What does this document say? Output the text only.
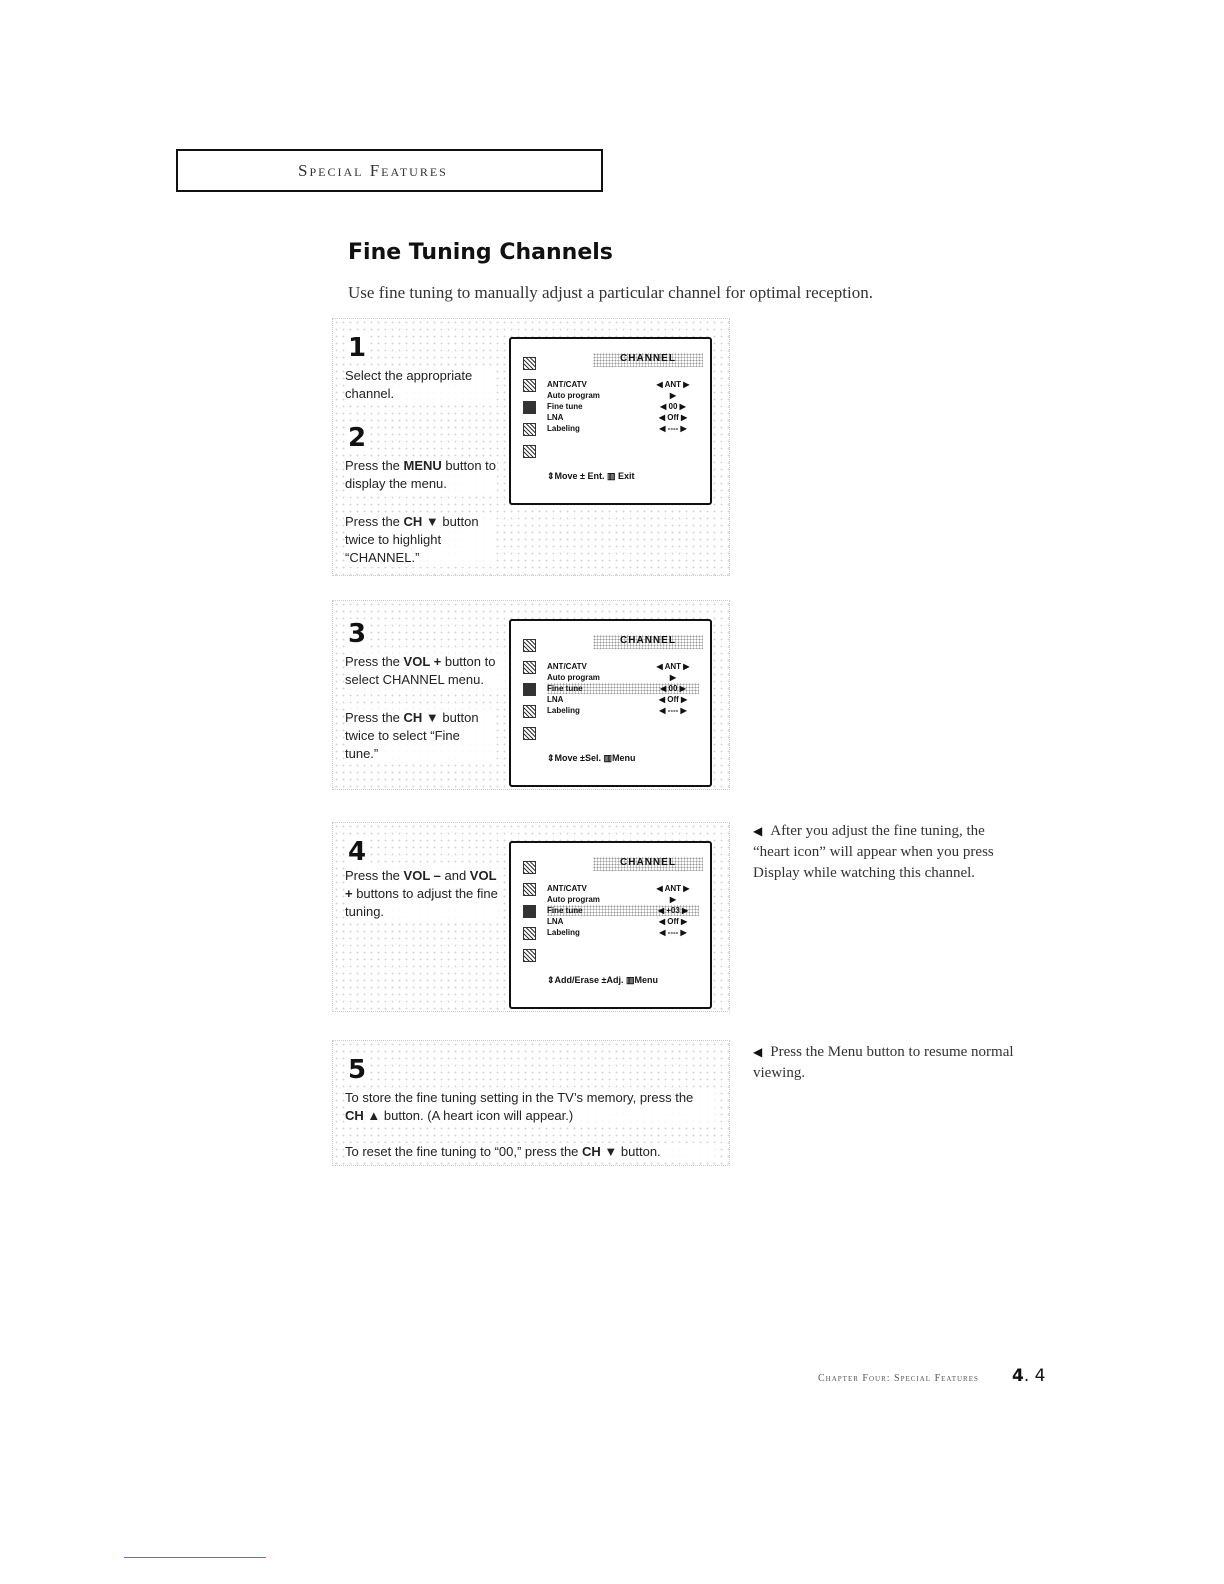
Special Features
Fine Tuning Channels

Use fine tuning to manually adjust a particular channel for optimal reception.

1

Select the appropriate channel.

2

Press the MENU button to display the menu.

Press the CH ▼ button twice to highlight “CHANNEL.”

CHANNEL
ANT/CATV	◀ ANT ▶
Auto program	▶
Fine tune	◀ 00 ▶
LNA	◀ Off ▶
Labeling	◀ ---- ▶
⇕Move ± Ent. ▥ Exit
3

Press the VOL + button to select CHANNEL menu.

Press the CH ▼ button twice to select “Fine tune.”

CHANNEL
ANT/CATV	◀ ANT ▶
Auto program	▶
Fine tune	◀ 00 ▶
LNA	◀ Off ▶
Labeling	◀ ---- ▶
⇕Move ±Sel. ▥Menu
4

Press the VOL – and VOL + buttons to adjust the fine tuning.

CHANNEL
ANT/CATV	◀ ANT ▶
Auto program	▶
Fine tune	◀ +03 ▶
LNA	◀ Off ▶
Labeling	◀ ---- ▶
⇕Add/Erase ±Adj. ▥Menu
5

To store the fine tuning setting in the TV’s memory, press the CH ▲ button. (A heart icon will appear.)

To reset the fine tuning to “00,” press the CH ▼ button.

◀ After you adjust the fine tuning, the “heart icon” will appear when you press Display while watching this channel.

◀ Press the Menu button to resume normal viewing.

Chapter Four: Special Features 4. 4
